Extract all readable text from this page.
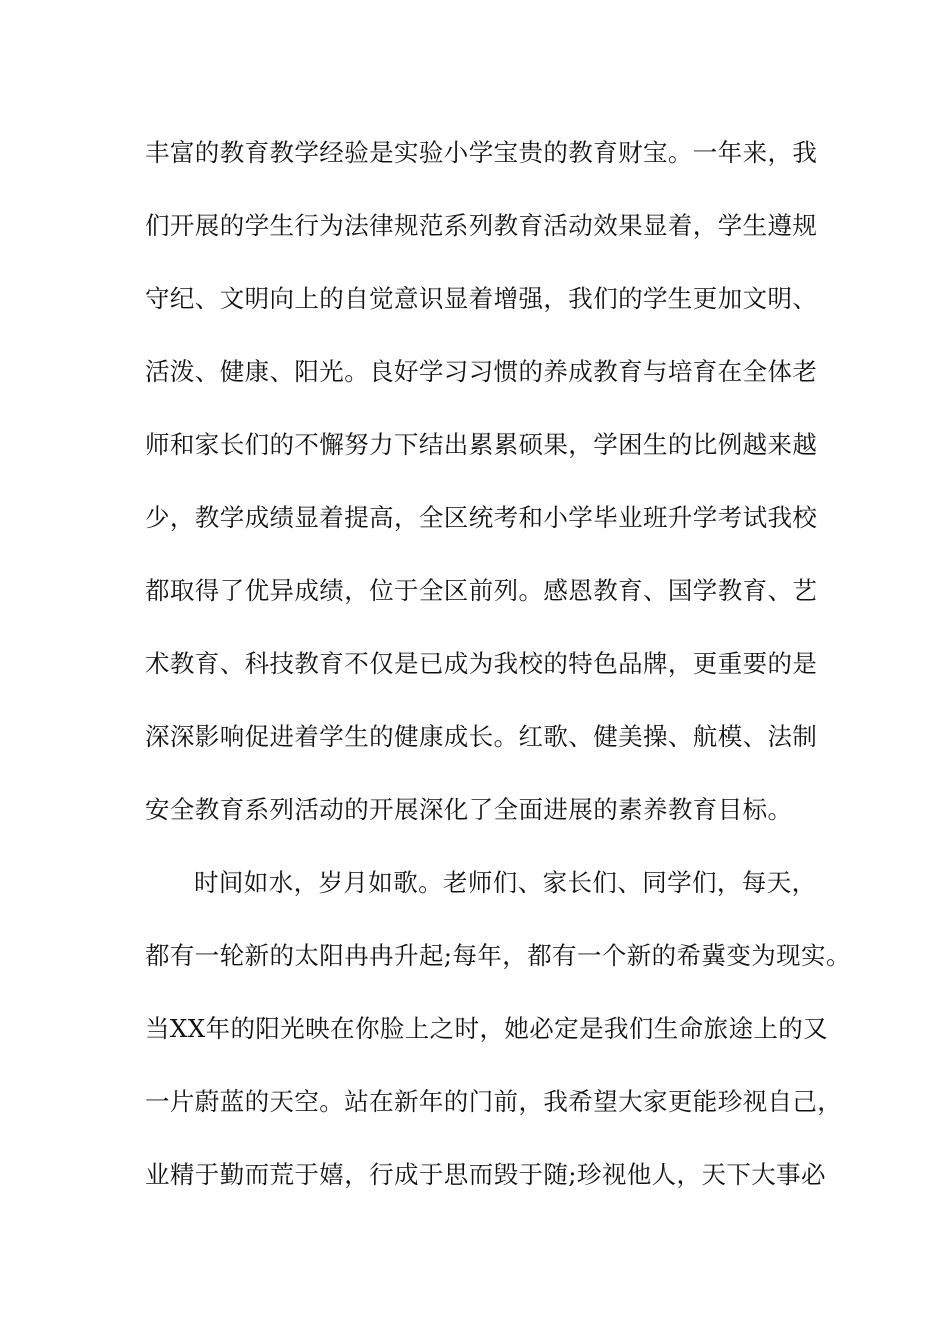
丰富的教育教学经验是实验小学宝贵的教育财宝。一年来，我
们开展的学生行为法律规范系列教育活动效果显着，学生遵规
守纪、文明向上的自觉意识显着增强，我们的学生更加文明、
活泼、健康、阳光。良好学习习惯的养成教育与培育在全体老
师和家长们的不懈努力下结出累累硕果，学困生的比例越来越
少，教学成绩显着提高，全区统考和小学毕业班升学考试我校
都取得了优异成绩，位于全区前列。感恩教育、国学教育、艺
术教育、科技教育不仅是已成为我校的特色品牌，更重要的是
深深影响促进着学生的健康成长。红歌、健美操、航模、法制
安全教育系列活动的开展深化了全面进展的素养教育目标。
时间如水，岁月如歌。老师们、家长们、同学们，每天，
都有一轮新的太阳冉冉升起;每年，都有一个新的希冀变为现实。
当XX年的阳光映在你脸上之时，她必定是我们生命旅途上的又
一片蔚蓝的天空。站在新年的门前，我希望大家更能珍视自己，
业精于勤而荒于嬉，行成于思而毁于随;珍视他人，天下大事必
